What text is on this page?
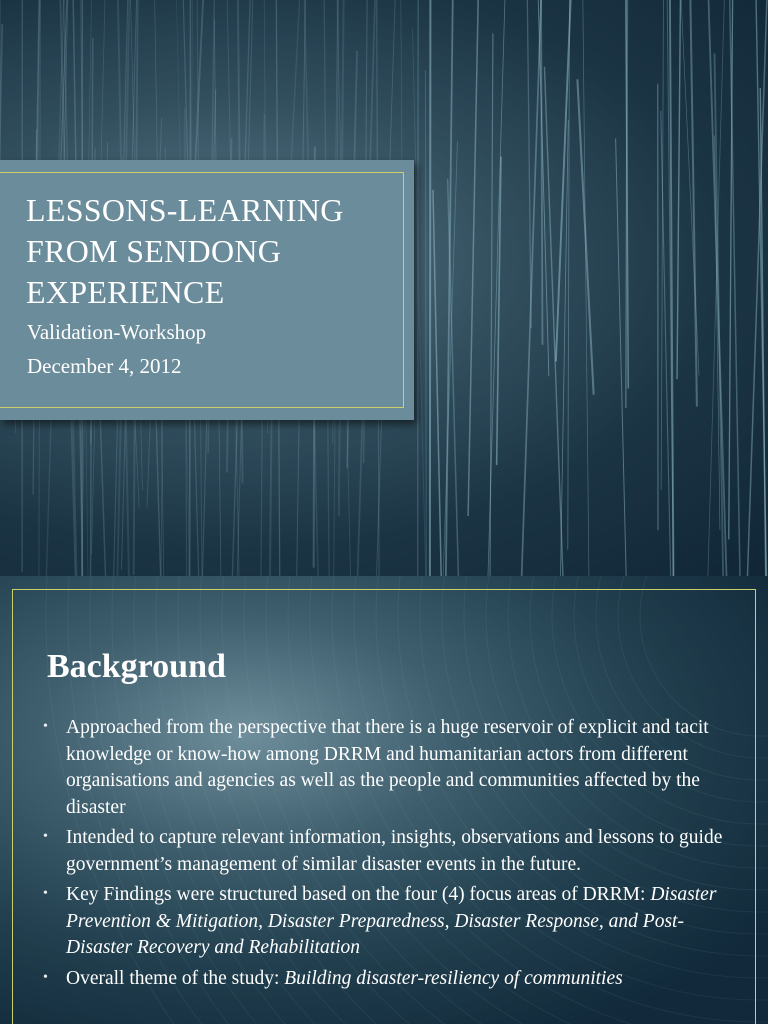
LESSONS-LEARNING
FROM SENDONG
EXPERIENCE

Validation-Workshop

December 4, 2012

Background
• Approached from the perspective that there is a huge reservoir of explicit and tacit knowledge or know-how among DRRM and humanitarian actors from different organisations and agencies as well as the people and communities affected by the disaster
• Intended to capture relevant information, insights, observations and lessons to guide government’s management of similar disaster events in the future.
• Key Findings were structured based on the four (4) focus areas of DRRM: Disaster Prevention & Mitigation, Disaster Preparedness, Disaster Response, and Post-Disaster Recovery and Rehabilitation
• Overall theme of the study: Building disaster-resiliency of communities
